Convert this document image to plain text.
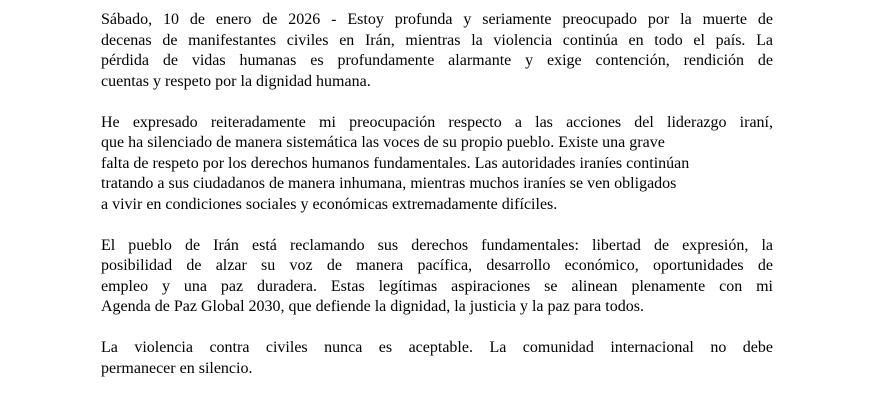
Sábado, 10 de enero de 2026 - Estoy profunda y seriamente preocupado por la muerte de
decenas de manifestantes civiles en Irán, mientras la violencia continúa en todo el país. La
pérdida de vidas humanas es profundamente alarmante y exige contención, rendición de
cuentas y respeto por la dignidad humana.

He expresado reiteradamente mi preocupación respecto a las acciones del liderazgo iraní,
que ha silenciado de manera sistemática las voces de su propio pueblo. Existe una grave
falta de respeto por los derechos humanos fundamentales. Las autoridades iraníes continúan
tratando a sus ciudadanos de manera inhumana, mientras muchos iraníes se ven obligados
a vivir en condiciones sociales y económicas extremadamente difíciles.

El pueblo de Irán está reclamando sus derechos fundamentales: libertad de expresión, la
posibilidad de alzar su voz de manera pacífica, desarrollo económico, oportunidades de
empleo y una paz duradera. Estas legítimas aspiraciones se alinean plenamente con mi
Agenda de Paz Global 2030, que defiende la dignidad, la justicia y la paz para todos.

La violencia contra civiles nunca es aceptable. La comunidad internacional no debe
permanecer en silencio.
